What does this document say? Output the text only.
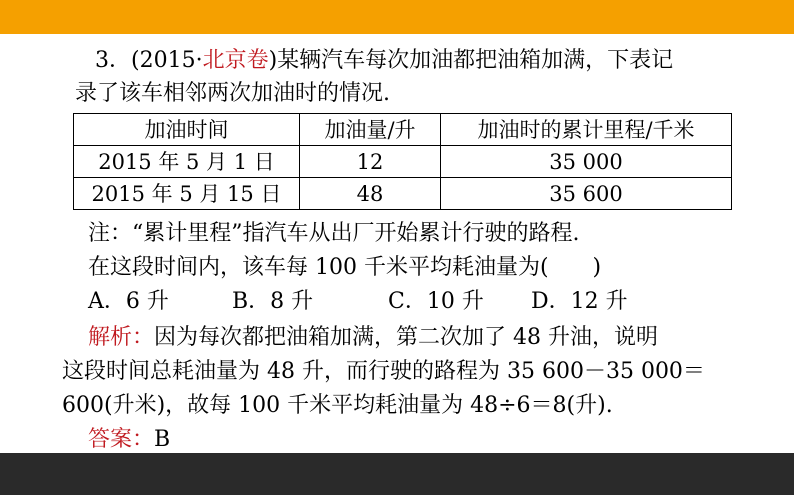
3．(2015·北京卷)某辆汽车每次加油都把油箱加满，下表记
录了该车相邻两次加油时的情况.
加油时间	加油量/升	加油时的累计里程/千米
2015 年 5 月 1 日	12	35 000
2015 年 5 月 15 日	48	35 600
注：“累计里程”指汽车从出厂开始累计行驶的路程.
在这段时间内，该车每 100 千米平均耗油量为(　　)
A．6 升	B．8 升	C．10 升 D．12 升
解析：因为每次都把油箱加满，第二次加了 48 升油，说明
这段时间总耗油量为 48 升，而行驶的路程为 35 600－35 000＝
600(升米)，故每 100 千米平均耗油量为 48÷6＝8(升).
答案：B
